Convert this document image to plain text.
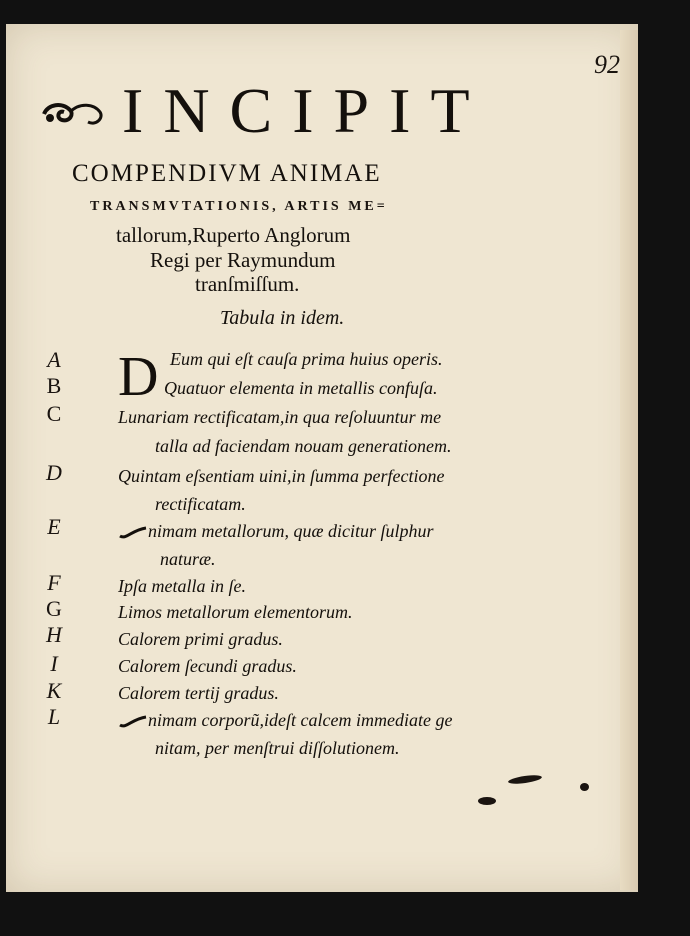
92
INCIPIT
COMPENDIVM ANIMAE
TRANSMVTATIONIS, ARTIS ME=
tallorum,Ruperto Anglorum
Regi per Raymundum
tranſmiſſum.
Tabula in idem.
D
A
B
C
D
E
F
G
H
I
K
L
Eum qui eſt cauſa prima huius operis.
Quatuor elementa in metallis confuſa.
Lunariam rectificatam,in qua reſoluuntur me
talla ad faciendam nouam generationem.
Quintam eſsentiam uini,in ſumma perfectione
rectificatam.
nimam metallorum, quæ dicitur ſulphur
naturæ.
Ipſa metalla in ſe.
Limos metallorum elementorum.
Calorem primi gradus.
Calorem ſecundi gradus.
Calorem tertij gradus.
nimam corporũ,ideſt calcem immediate ge
nitam, per menſtrui diſſolutionem.
